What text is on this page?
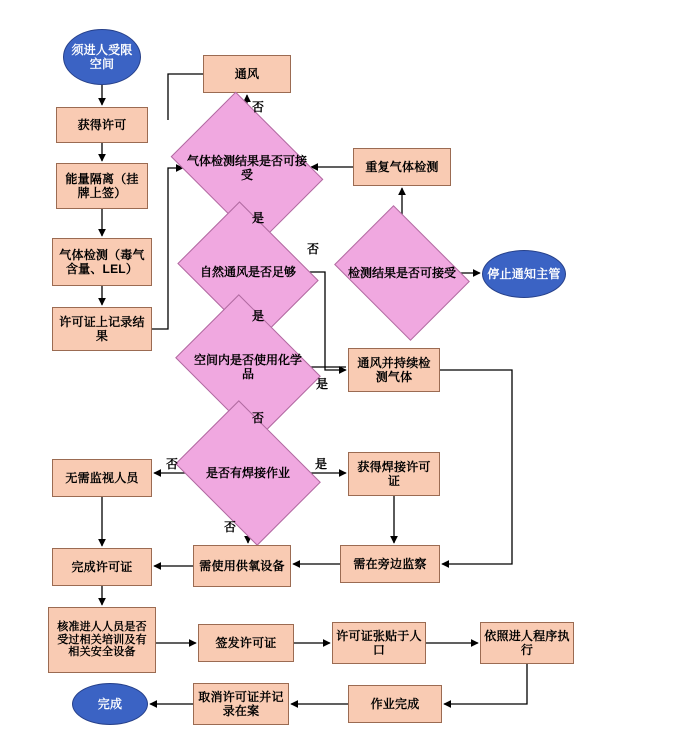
须进人受限空间
获得许可
能量隔离（挂牌上签）
气体检测（毒气含量、LEL）
许可证上记录结果
通风
气体检测结果是否可接受
重复气体检测
自然通风是否足够	检测结果是否可接受	停止通知主管
空间内是否使用化学品
通风并持续检测气体
是否有焊接作业	获得焊接许可证
无需监视人员
完成许可证	需使用供氧设备	需在旁边监察
核准进人人员是否受过相关培训及有相关安全设备
签发许可证
许可证张贴于人口
依照进人程序执行
完成
取消许可证并记录在案
作业完成
否
是
否
是
是
否
是
否
否
